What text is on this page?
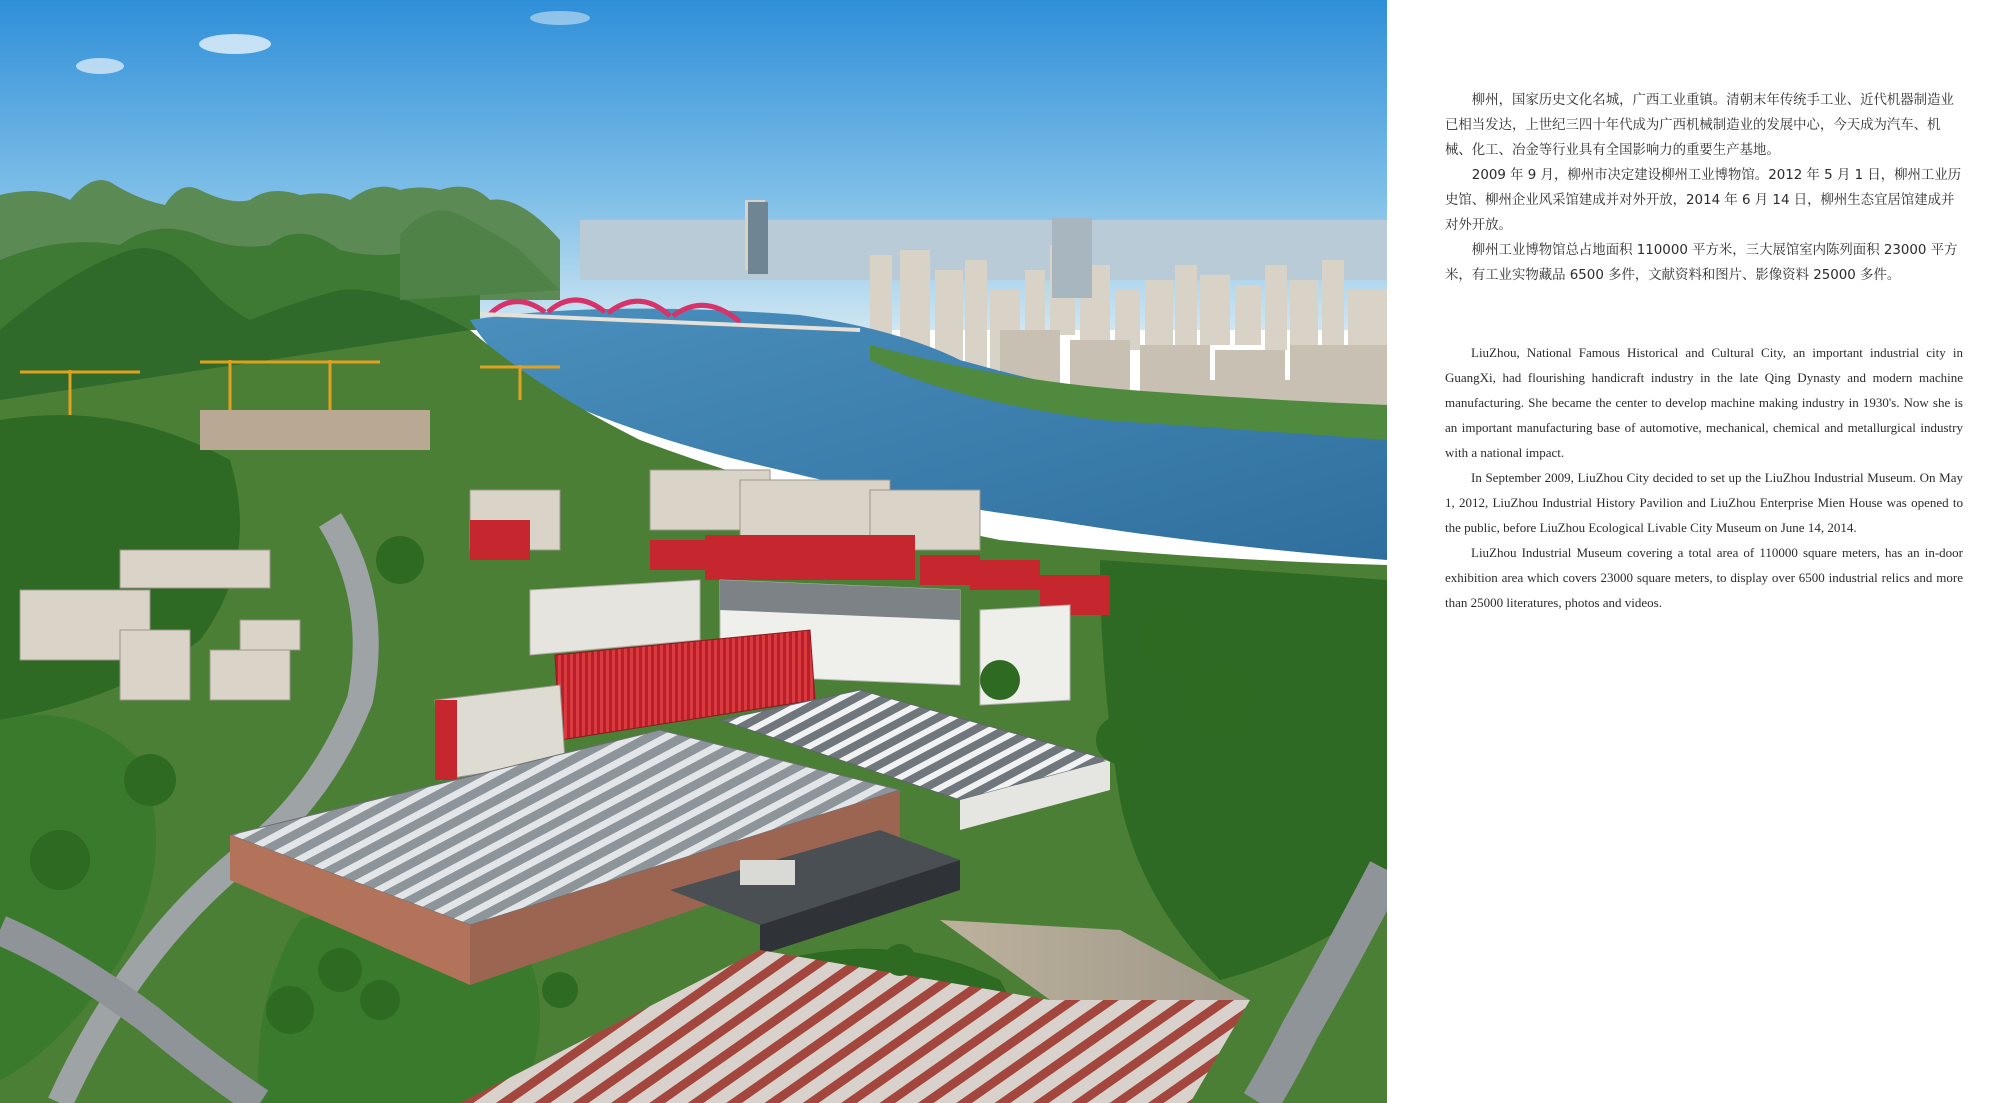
柳州，国家历史文化名城，广西工业重镇。清朝末年传统手工业、近代机器制造业已相当发达，上世纪三四十年代成为广西机械制造业的发展中心，今天成为汽车、机械、化工、冶金等行业具有全国影响力的重要生产基地。

2009 年 9 月，柳州市决定建设柳州工业博物馆。2012 年 5 月 1 日，柳州工业历史馆、柳州企业风采馆建成并对外开放，2014 年 6 月 14 日，柳州生态宜居馆建成并对外开放。

柳州工业博物馆总占地面积 110000 平方米，三大展馆室内陈列面积 23000 平方米，有工业实物藏品 6500 多件，文献资料和图片、影像资料 25000 多件。

LiuZhou, National Famous Historical and Cultural City, an important industrial city in GuangXi, had flourishing handicraft industry in the late Qing Dynasty and modern machine manufacturing. She became the center to develop machine making industry in 1930's. Now she is an important manufacturing base of automotive, mechanical, chemical and metallurgical industry with a national impact.

In September 2009, LiuZhou City decided to set up the LiuZhou Industrial Museum. On May 1, 2012, LiuZhou Industrial History Pavilion and LiuZhou Enterprise Mien House was opened to the public, before LiuZhou Ecological Livable City Museum on June 14, 2014.

LiuZhou Industrial Museum covering a total area of 110000 square meters, has an in-door exhibition area which covers 23000 square meters, to display over 6500 industrial relics and more than 25000 literatures, photos and videos.
